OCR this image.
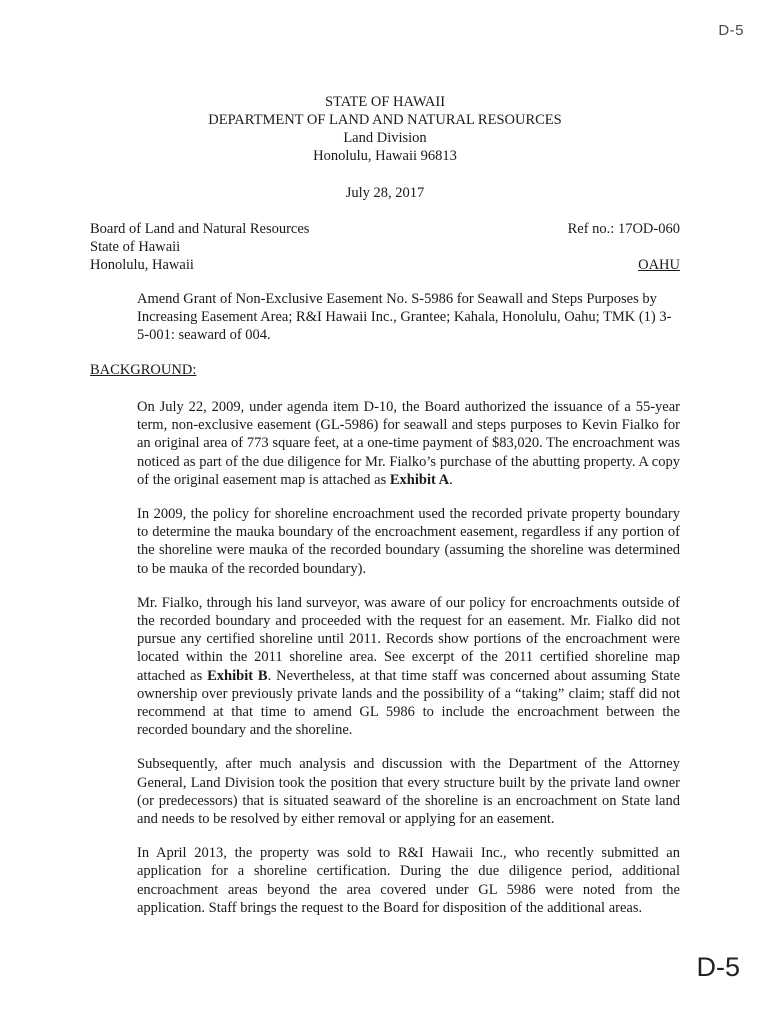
D-5
STATE OF HAWAII
DEPARTMENT OF LAND AND NATURAL RESOURCES
Land Division
Honolulu, Hawaii 96813
July 28, 2017
Board of Land and Natural Resources
State of Hawaii
Honolulu, Hawaii
Ref no.: 17OD-060
OAHU
Amend Grant of Non-Exclusive Easement No. S-5986 for Seawall and Steps Purposes by Increasing Easement Area; R&I Hawaii Inc., Grantee; Kahala, Honolulu, Oahu; TMK (1) 3-5-001: seaward of 004.
BACKGROUND:

On July 22, 2009, under agenda item D-10, the Board authorized the issuance of a 55-year term, non-exclusive easement (GL-5986) for seawall and steps purposes to Kevin Fialko for an original area of 773 square feet, at a one-time payment of $83,020. The encroachment was noticed as part of the due diligence for Mr. Fialko’s purchase of the abutting property. A copy of the original easement map is attached as Exhibit A.

In 2009, the policy for shoreline encroachment used the recorded private property boundary to determine the mauka boundary of the encroachment easement, regardless if any portion of the shoreline were mauka of the recorded boundary (assuming the shoreline was determined to be mauka of the recorded boundary).

Mr. Fialko, through his land surveyor, was aware of our policy for encroachments outside of the recorded boundary and proceeded with the request for an easement. Mr. Fialko did not pursue any certified shoreline until 2011. Records show portions of the encroachment were located within the 2011 shoreline area. See excerpt of the 2011 certified shoreline map attached as Exhibit B. Nevertheless, at that time staff was concerned about assuming State ownership over previously private lands and the possibility of a “taking” claim; staff did not recommend at that time to amend GL 5986 to include the encroachment between the recorded boundary and the shoreline.

Subsequently, after much analysis and discussion with the Department of the Attorney General, Land Division took the position that every structure built by the private land owner (or predecessors) that is situated seaward of the shoreline is an encroachment on State land and needs to be resolved by either removal or applying for an easement.

In April 2013, the property was sold to R&I Hawaii Inc., who recently submitted an application for a shoreline certification. During the due diligence period, additional encroachment areas beyond the area covered under GL 5986 were noted from the application. Staff brings the request to the Board for disposition of the additional areas.

D-5
